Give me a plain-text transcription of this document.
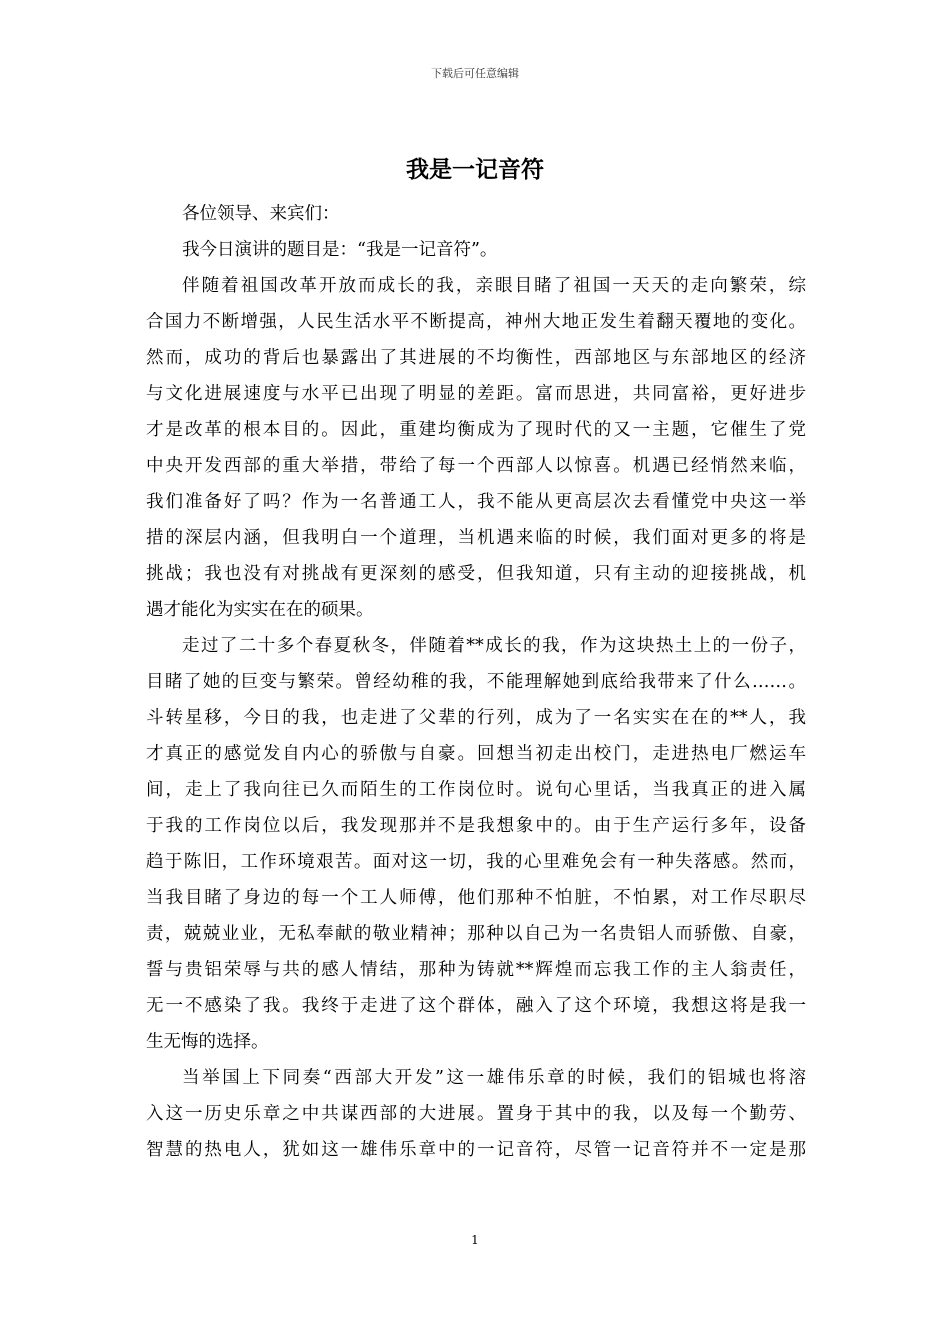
下载后可任意编辑
我是一记音符
各位领导、来宾们：
我今日演讲的题目是：“我是一记音符”。
伴随着祖国改革开放而成长的我，亲眼目睹了祖国一天天的走向繁荣，综
合国力不断增强，人民生活水平不断提高，神州大地正发生着翻天覆地的变化。
然而，成功的背后也暴露出了其进展的不均衡性，西部地区与东部地区的经济
与文化进展速度与水平已出现了明显的差距。富而思进，共同富裕，更好进步
才是改革的根本目的。因此，重建均衡成为了现时代的又一主题，它催生了党
中央开发西部的重大举措，带给了每一个西部人以惊喜。机遇已经悄然来临，
我们准备好了吗？作为一名普通工人，我不能从更高层次去看懂党中央这一举
措的深层内涵，但我明白一个道理，当机遇来临的时候，我们面对更多的将是
挑战；我也没有对挑战有更深刻的感受，但我知道，只有主动的迎接挑战，机
遇才能化为实实在在的硕果。
走过了二十多个春夏秋冬，伴随着**成长的我，作为这块热土上的一份子，
目睹了她的巨变与繁荣。曾经幼稚的我，不能理解她到底给我带来了什么……。
斗转星移，今日的我，也走进了父辈的行列，成为了一名实实在在的**人，我
才真正的感觉发自内心的骄傲与自豪。回想当初走出校门，走进热电厂燃运车
间，走上了我向往已久而陌生的工作岗位时。说句心里话，当我真正的进入属
于我的工作岗位以后，我发现那并不是我想象中的。由于生产运行多年，设备
趋于陈旧，工作环境艰苦。面对这一切，我的心里难免会有一种失落感。然而，
当我目睹了身边的每一个工人师傅，他们那种不怕脏，不怕累，对工作尽职尽
责，兢兢业业，无私奉献的敬业精神；那种以自己为一名贵铝人而骄傲、自豪，
誓与贵铝荣辱与共的感人情结，那种为铸就**辉煌而忘我工作的主人翁责任，
无一不感染了我。我终于走进了这个群体，融入了这个环境，我想这将是我一
生无悔的选择。
当举国上下同奏“西部大开发”这一雄伟乐章的时候，我们的铝城也将溶
入这一历史乐章之中共谋西部的大进展。置身于其中的我，以及每一个勤劳、
智慧的热电人，犹如这一雄伟乐章中的一记音符，尽管一记音符并不一定是那
1
